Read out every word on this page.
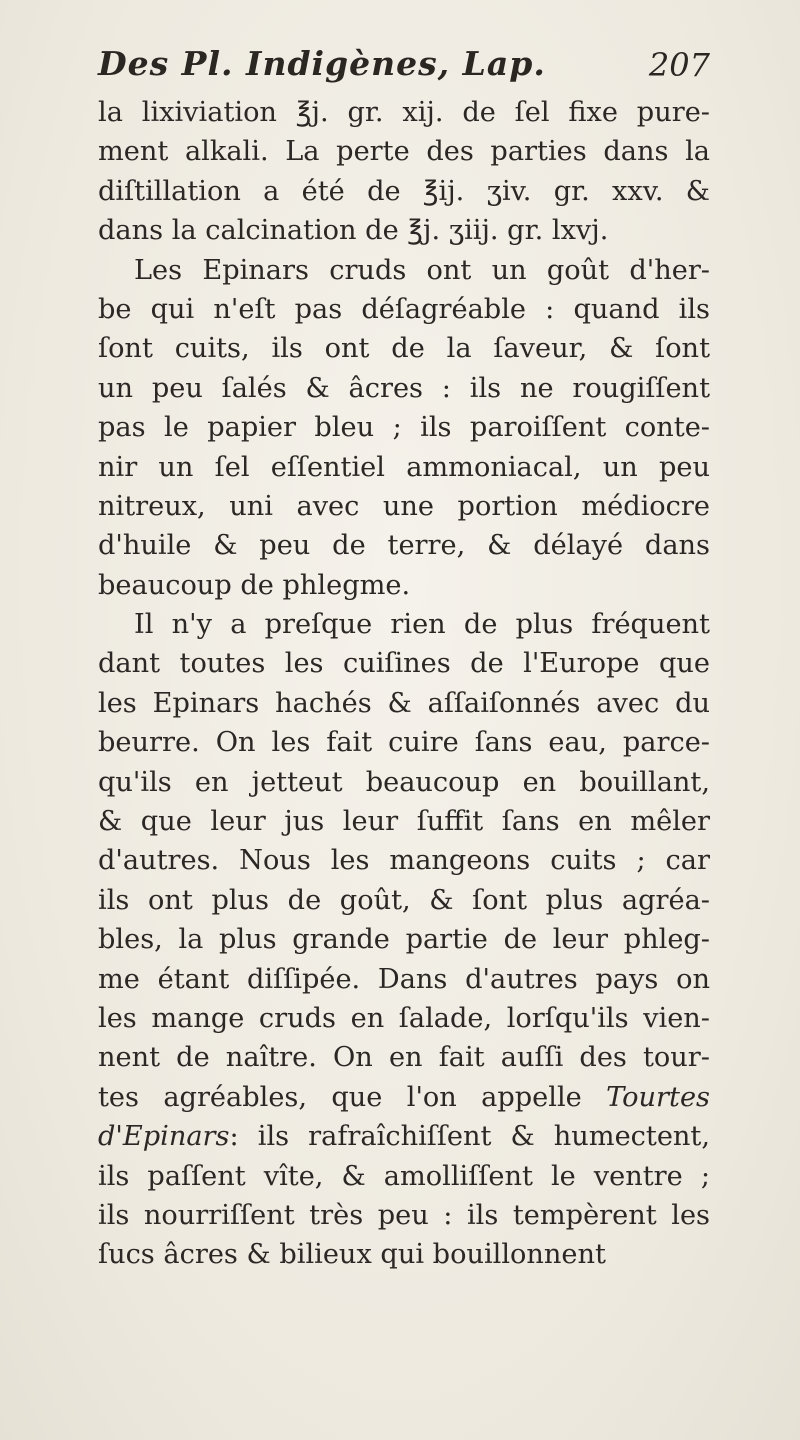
Des Pl. Indigènes, Lap.	207
la lixiviation ℥j. gr. xij. de ſel fixe pure-
ment alkali. La perte des parties dans la
diſtillation a été de ℥ij. ʒiv. gr. xxv. &
dans la calcination de ℥j. ʒiij. gr. lxvj.
Les Epinars cruds ont un goût d'her-
be qui n'eſt pas déſagréable : quand ils
ſont cuits, ils ont de la ſaveur, & ſont
un peu ſalés & âcres : ils ne rougiſſent
pas le papier bleu ; ils paroiſſent conte-
nir un ſel eſſentiel ammoniacal, un peu
nitreux, uni avec une portion médiocre
d'huile & peu de terre, & délayé dans
beaucoup de phlegme.
Il n'y a preſque rien de plus fréquent
dant toutes les cuiſines de l'Europe que
les Epinars hachés & aſſaiſonnés avec du
beurre. On les fait cuire ſans eau, parce-
qu'ils en jetteut beaucoup en bouillant,
& que leur jus leur ſuffit ſans en mêler
d'autres. Nous les mangeons cuits ; car
ils ont plus de goût, & ſont plus agréa-
bles, la plus grande partie de leur phleg-
me étant diſſipée. Dans d'autres pays on
les mange cruds en ſalade, lorſqu'ils vien-
nent de naître. On en fait auſſi des tour-
tes agréables, que l'on appelle Tourtes
d'Epinars: ils rafraîchiſſent & humectent,
ils paſſent vîte, & amolliſſent le ventre ;
ils nourriſſent très peu : ils tempèrent les
ſucs âcres & bilieux qui bouillonnent
